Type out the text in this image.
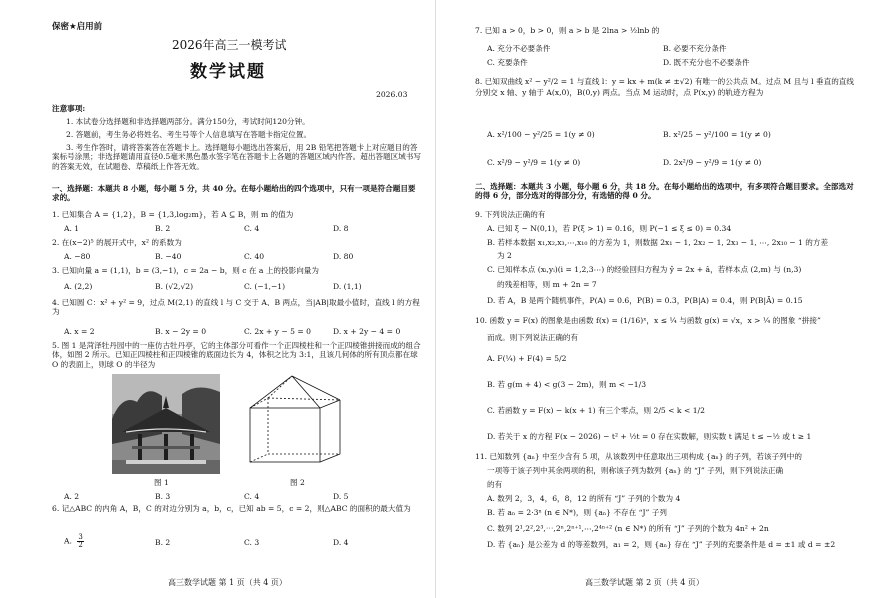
保密★启用前
2026年高三一模考试
数学试题
2026.03
注意事项:
1. 本试卷分选择题和非选择题两部分。满分150分，考试时间120分钟。
2. 答题前，考生务必将姓名、考生号等个人信息填写在答题卡指定位置。
3. 考生作答时，请将答案答在答题卡上。选择题每小题选出答案后，用 2B 铅笔把答题卡上对应题目的答案标号涂黑；非选择题请用直径0.5毫米黑色墨水签字笔在答题卡上各题的答题区域内作答。超出答题区域书写的答案无效，在试题卷、草稿纸上作答无效。
一、选择题：本题共 8 小题，每小题 5 分，共 40 分。在每小题给出的四个选项中，只有一项是符合题目要求的。
1. 已知集合 A = {1,2}，B = {1,3,log₂m}，若 A ⊆ B，则 m 的值为
A. 1	B. 2	C. 4	D. 8
2. 在(x−2)⁵ 的展开式中，x² 的系数为
A. −80	B. −40	C. 40	D. 80
3. 已知向量 a = (1,1)，b = (3,−1)，c = 2a − b，则 c 在 a 上的投影向量为
A. (2,2)	B. (√2,√2)	C. (−1,−1)	D. (1,1)
4. 已知圆 C：x² + y² = 9，过点 M(2,1) 的直线 l 与 C 交于 A、B 两点，当|AB|取最小值时，直线 l 的方程为
A. x = 2	B. x − 2y = 0	C. 2x + y − 5 = 0	D. x + 2y − 4 = 0
5. 图 1 是菏泽牡丹园中的一座仿古牡丹亭，它的主体部分可看作一个正四棱柱和一个正四棱锥拼接而成的组合体，如图 2 所示。已知正四棱柱和正四棱锥的底面边长为 4，体积之比为 3:1，且该几何体的所有顶点都在球 O 的表面上，则球 O 的半径为
图 1	图 2
A. 2	B. 3	C. 4	D. 5
6. 记△ABC 的内角 A，B，C 的对边分别为 a，b，c，已知 ab = 5，c = 2，则△ABC 的面积的最大值为
A. $\frac{3}{2}$	B. 2	C. 3	D. 4
高三数学试题 第 1 页（共 4 页）
7. 已知 a > 0，b > 0，则 a > b 是 2lna > ½lnb 的
A. 充分不必要条件	B. 必要不充分条件
C. 充要条件	D. 既不充分也不必要条件
8. 已知双曲线 x² − y²/2 = 1 与直线 l：y = kx + m(k ≠ ±√2) 有唯一的公共点 M。过点 M 且与 l 垂直的直线分别交 x 轴、y 轴于 A(x,0)，B(0,y) 两点。当点 M 运动时，点 P(x,y) 的轨迹方程为
A. x²/100 − y²/25 = 1(y ≠ 0)	B. x²/25 − y²/100 = 1(y ≠ 0)
C. x²/9 − y²/9 = 1(y ≠ 0)	D. 2x²/9 − y²/9 = 1(y ≠ 0)
二、选择题：本题共 3 小题，每小题 6 分，共 18 分。在每小题给出的选项中，有多项符合题目要求。全部选对的得 6 分，部分选对的得部分分，有选错的得 0 分。
9. 下列说法正确的有
A. 已知 ξ ~ N(0,1)，若 P(ξ > 1) = 0.16，则 P(−1 ≤ ξ ≤ 0) = 0.34
B. 若样本数据 x₁,x₂,x₃,⋯,x₁₀ 的方差为 1，则数据 2x₁ − 1, 2x₂ − 1, 2x₃ − 1, ⋯, 2x₁₀ − 1 的方差
为 2
C. 已知样本点 (xᵢ,yᵢ)(i = 1,2,3⋯) 的经验回归方程为 ŷ = 2x + â，若样本点 (2,m) 与 (n,3)
的残差相等，则 m + 2n = 7
D. 若 A，B 是两个随机事件，P(A) = 0.6，P(B) = 0.3，P(B|A) = 0.4，则 P(B|Ā) = 0.15
10. 函数 y = F(x) 的图象是由函数 f(x) = (1/16)ˣ，x ≤ ¼ 与函数 g(x) = √x，x > ¼ 的图象 “拼接”
而成。则下列说法正确的有
A. F(¼) + F(4) = 5/2
B. 若 g(m + 4) < g(3 − 2m)，则 m < −1/3
C. 若函数 y = F(x) − k(x + 1) 有三个零点，则 2/5 < k < 1/2
D. 若关于 x 的方程 F(x − 2026) − t² + ½t = 0 存在实数解，则实数 t 满足 t ≤ −½ 或 t ≥ 1
11. 已知数列 {aₙ} 中至少含有 5 项，从该数列中任意取出三项构成 {aₙ} 的子列，若该子列中的
一项等于该子列中其余两项的积，则称该子列为数列 {aₙ} 的 “J” 子列，则下列说法正确
的有
A. 数列 2，3，4，6，8，12 的所有 “J” 子列的个数为 4
B. 若 aₙ = 2·3ⁿ (n ∈ N*)，则 {aₙ} 不存在 “J” 子列
C. 数列 2¹,2²,2³,⋯,2ⁿ,2ⁿ⁺¹,⋯,2⁴ⁿ⁺² (n ∈ N*) 的所有 “J” 子列的个数为 4n² + 2n
D. 若 {aₙ} 是公差为 d 的等差数列，a₁ = 2，则 {aₙ} 存在 “J” 子列的充要条件是 d = ±1 或 d = ±2
高三数学试题 第 2 页（共 4 页）
